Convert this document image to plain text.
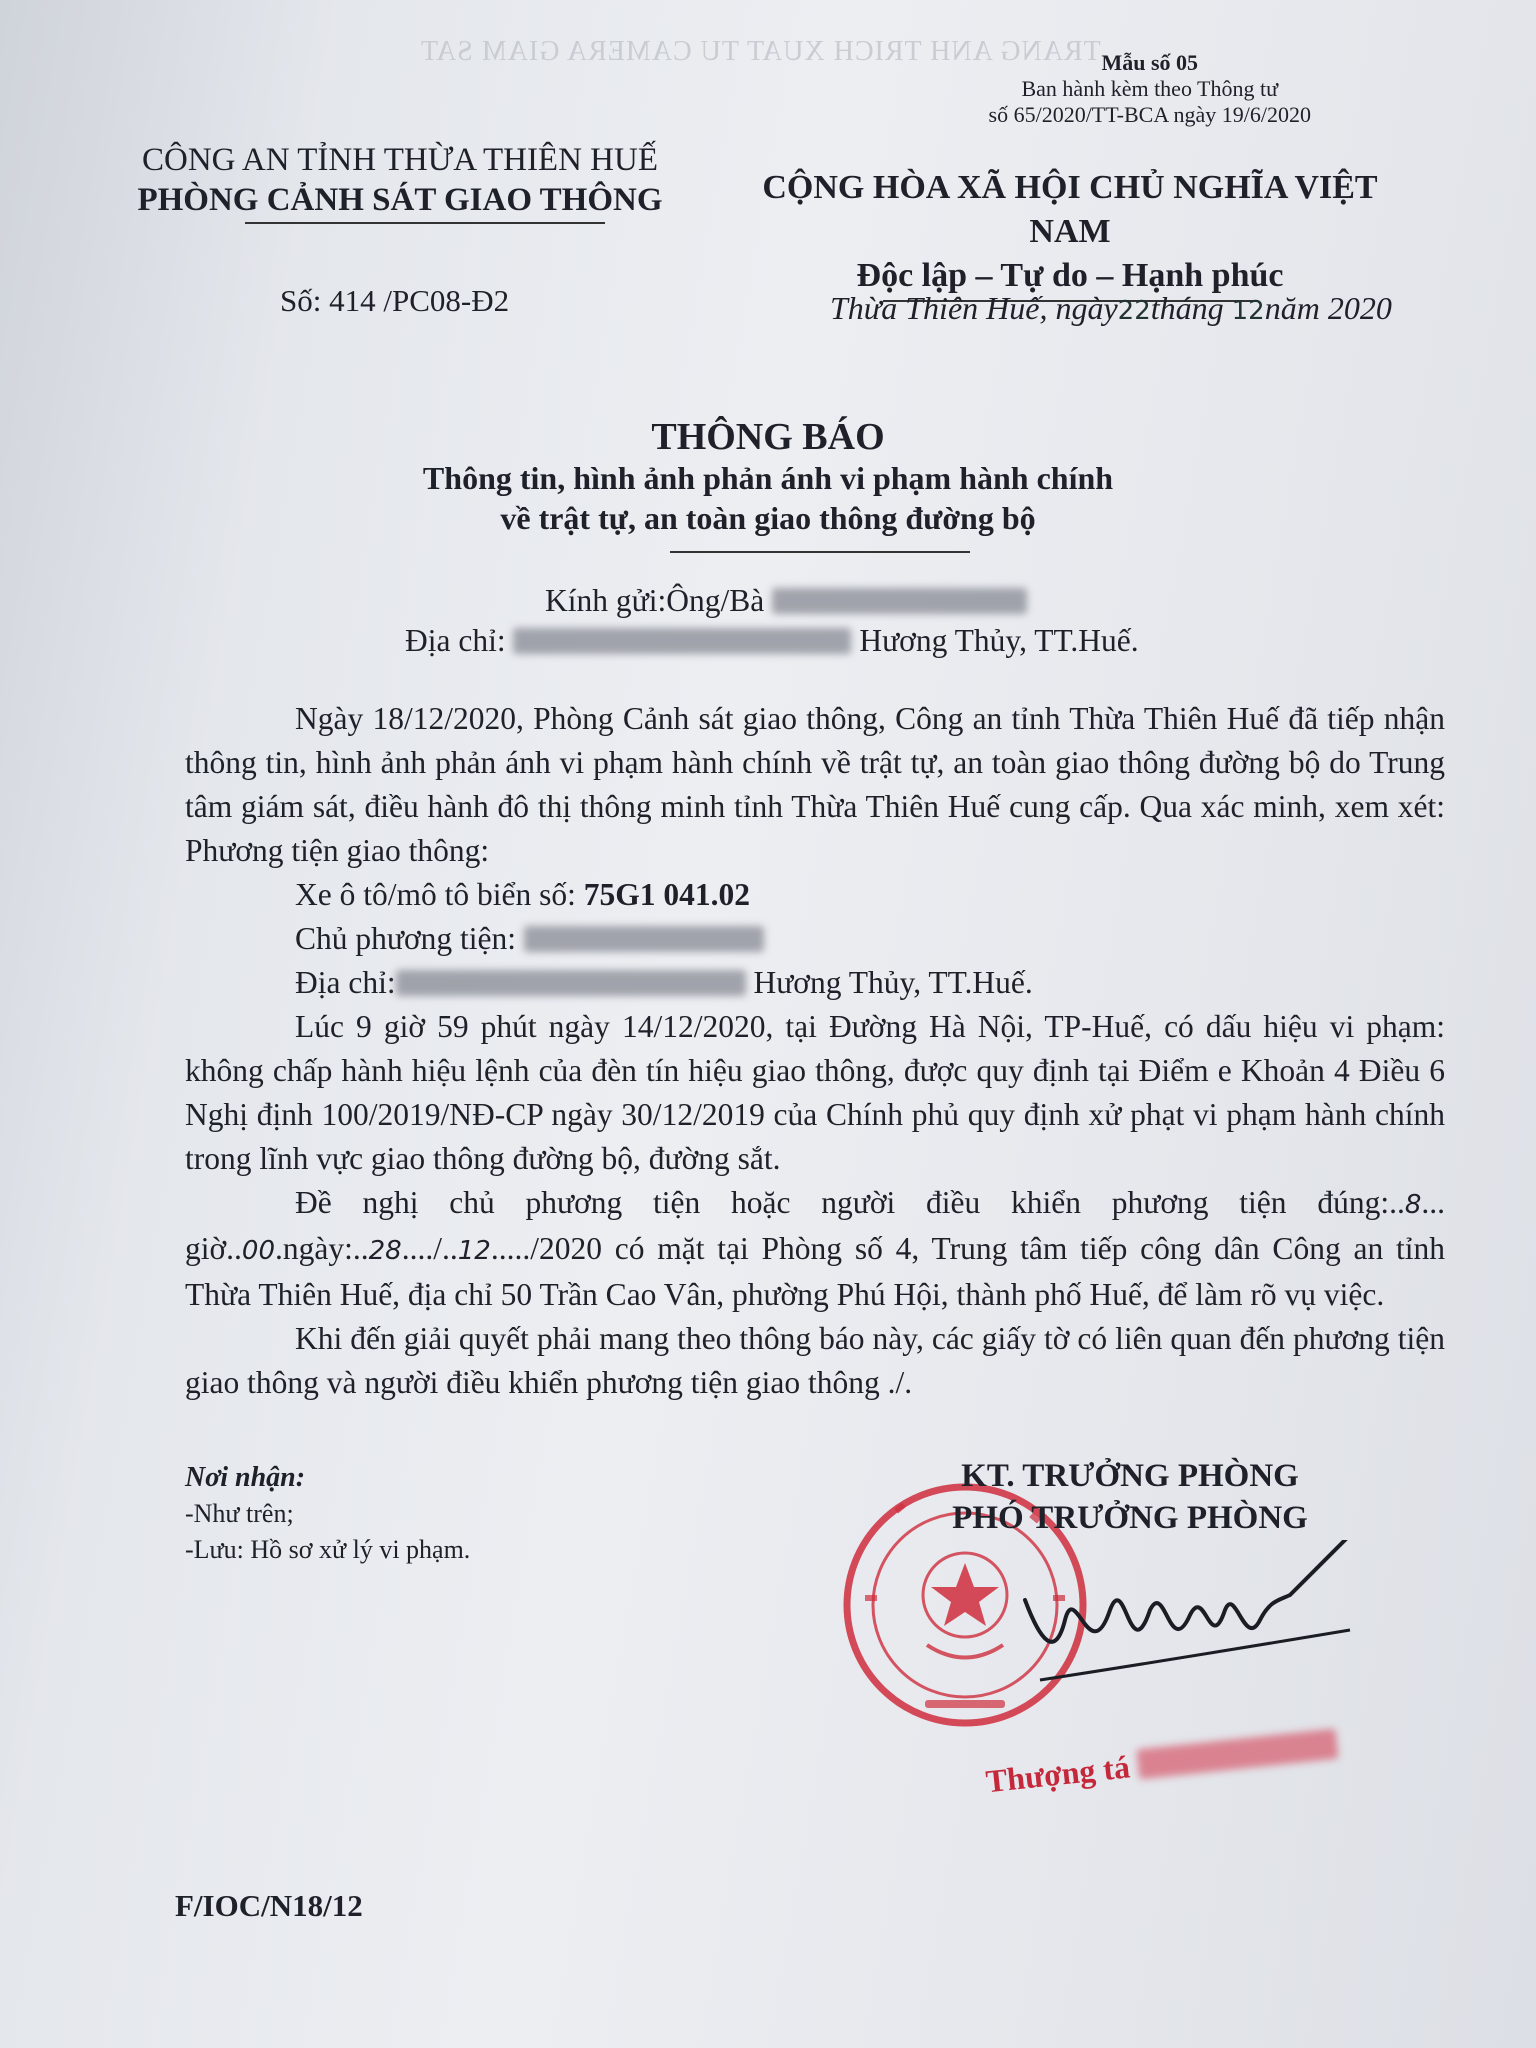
TRANG ANH TRICH XUAT TU CAMERA GIAM SAT Mẫu số 05
Ban hành kèm theo Thông tư
số 65/2020/TT-BCA ngày 19/6/2020
CÔNG AN TỈNH THỪA THIÊN HUẾ
PHÒNG CẢNH SÁT GIAO THÔNG
Số: 414 /PC08-Đ2
CỘNG HÒA XÃ HỘI CHỦ NGHĨA VIỆT NAM
Độc lập – Tự do – Hạnh phúc
Thừa Thiên Huế, ngày22tháng 12năm 2020
THÔNG BÁO
Thông tin, hình ảnh phản ánh vi phạm hành chính
về trật tự, an toàn giao thông đường bộ
Kính gửi:Ông/Bà
Địa chỉ:	Hương Thủy, TT.Huế.

Ngày 18/12/2020, Phòng Cảnh sát giao thông, Công an tỉnh Thừa Thiên Huế đã tiếp nhận thông tin, hình ảnh phản ánh vi phạm hành chính về trật tự, an toàn giao thông đường bộ do Trung tâm giám sát, điều hành đô thị thông minh tỉnh Thừa Thiên Huế cung cấp. Qua xác minh, xem xét: Phương tiện giao thông:

Xe ô tô/mô tô biển số: 75G1 041.02

Chủ phương tiện:

Địa chỉ:	Hương Thủy, TT.Huế.

Lúc 9 giờ 59 phút ngày 14/12/2020, tại Đường Hà Nội, TP-Huế, có dấu hiệu vi phạm: không chấp hành hiệu lệnh của đèn tín hiệu giao thông, được quy định tại Điểm e Khoản 4 Điều 6 Nghị định 100/2019/NĐ-CP ngày 30/12/2019 của Chính phủ quy định xử phạt vi phạm hành chính trong lĩnh vực giao thông đường bộ, đường sắt.

Đề nghị chủ phương tiện hoặc người điều khiển phương tiện đúng:..8... giờ..00.ngày:..28..../..12...../2020 có mặt tại Phòng số 4, Trung tâm tiếp công dân Công an tỉnh Thừa Thiên Huế, địa chỉ 50 Trần Cao Vân, phường Phú Hội, thành phố Huế, để làm rõ vụ việc.

Khi đến giải quyết phải mang theo thông báo này, các giấy tờ có liên quan đến phương tiện giao thông và người điều khiển phương tiện giao thông ./.

Nơi nhận:
-Như trên;
-Lưu: Hồ sơ xử lý vi phạm.
KT. TRƯỞNG PHÒNG
PHÓ TRƯỞNG PHÒNG
Thượng tá
F/IOC/N18/12
